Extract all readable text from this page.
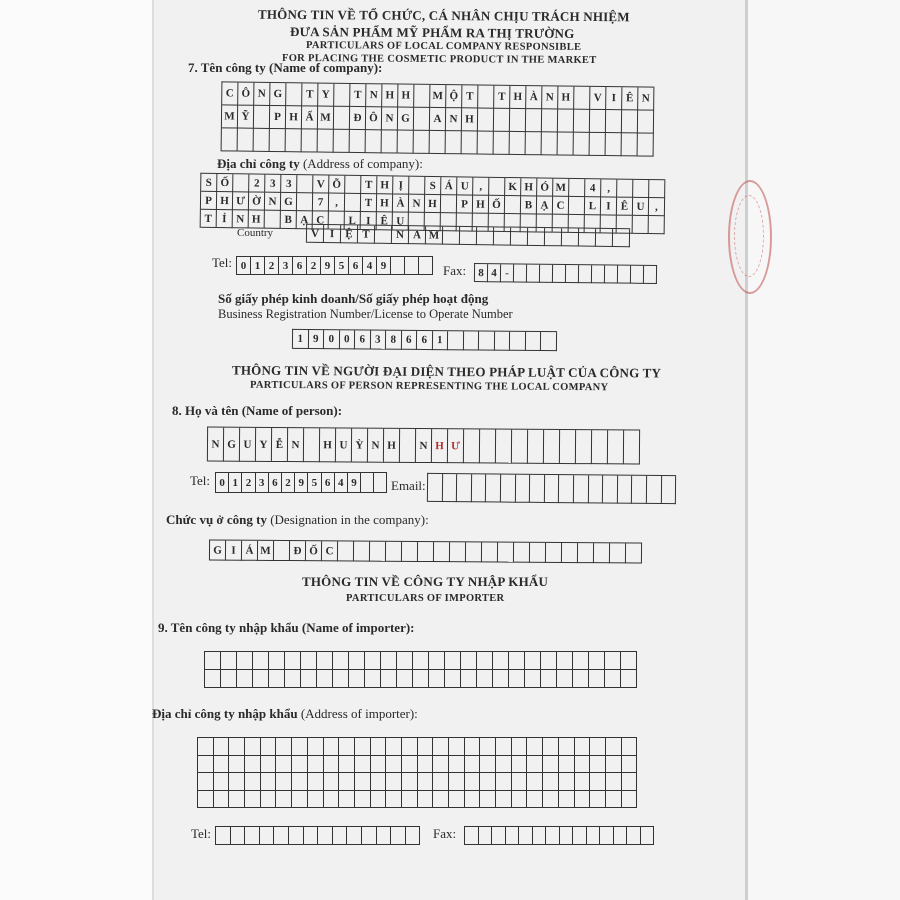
THÔNG TIN VỀ TỔ CHỨC, CÁ NHÂN CHỊU TRÁCH NHIỆM
ĐƯA SẢN PHẨM MỸ PHẨM RA THỊ TRƯỜNG
PARTICULARS OF LOCAL COMPANY RESPONSIBLE
FOR PLACING THE COSMETIC PRODUCT IN THE MARKET
7. Tên công ty (Name of company):
C Ô N G	T Y	T N H H	M Ộ T	T H À N H	V I Ê N
M Ỹ	P H Ẩ M	Đ Ô N G	A N H
Địa chỉ công ty (Address of company):
S Ố	2 3 3	V Õ	T H Ị	S Á U ,	K H Ó M	4	,
P H Ư Ờ N G	7	,	T H À N H	P H Ố	B Ạ C	L I Ê U ,
T Ỉ N H	B Ạ C	L I Ê U
Country	V I	Ệ T	N A M
Tel: 0 1 2 3 6 2 9 5 6 4 9	Fax: 8 4 -
Số giấy phép kinh doanh/Số giấy phép hoạt động
Business Registration Number/License to Operate Number
1 9 0 0 6 3 8 6 6 1
THÔNG TIN VỀ NGƯỜI ĐẠI DIỆN THEO PHÁP LUẬT CỦA CÔNG TY
PARTICULARS OF PERSON REPRESENTING THE LOCAL COMPANY
8. Họ và tên (Name of person):
N G U Y Ễ N	H U Ỳ N H	N H Ư
Tel: 0 1 2 3 6 2 9 5 6 4 9	Email:
Chức vụ ở công ty (Designation in the company):
G I Á M	Đ Ố C
THÔNG TIN VỀ CÔNG TY NHẬP KHẨU
PARTICULARS OF IMPORTER
9. Tên công ty nhập khẩu (Name of importer):
Địa chỉ công ty nhập khẩu (Address of importer):
Tel:	Fax:
